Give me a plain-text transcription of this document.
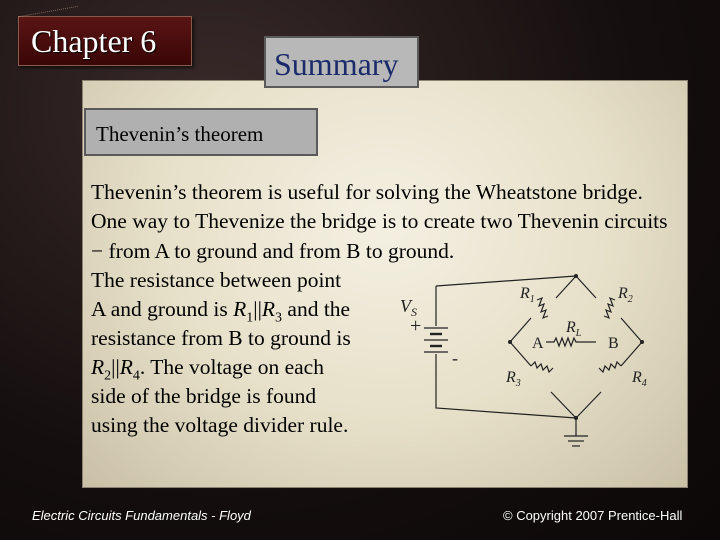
Chapter 6
Summary
Thevenin’s theorem
Thevenin’s theorem is useful for solving the Wheatstone bridge. One way to Thevenize the bridge is to create two Thevenin circuits − from A to ground and from B to ground.
The resistance between point
A and ground is $R_1||R_3$ and the
resistance from B to ground is
$R_2||R_4$. The voltage on each
side of the bridge is found
using the voltage divider rule.
$V_S$
+
-
$R_1$	$R_2$
$R_3$	$R_4$
$R_L$
A	B
Electric Circuits Fundamentals - Floyd	© Copyright 2007 Prentice-Hall
